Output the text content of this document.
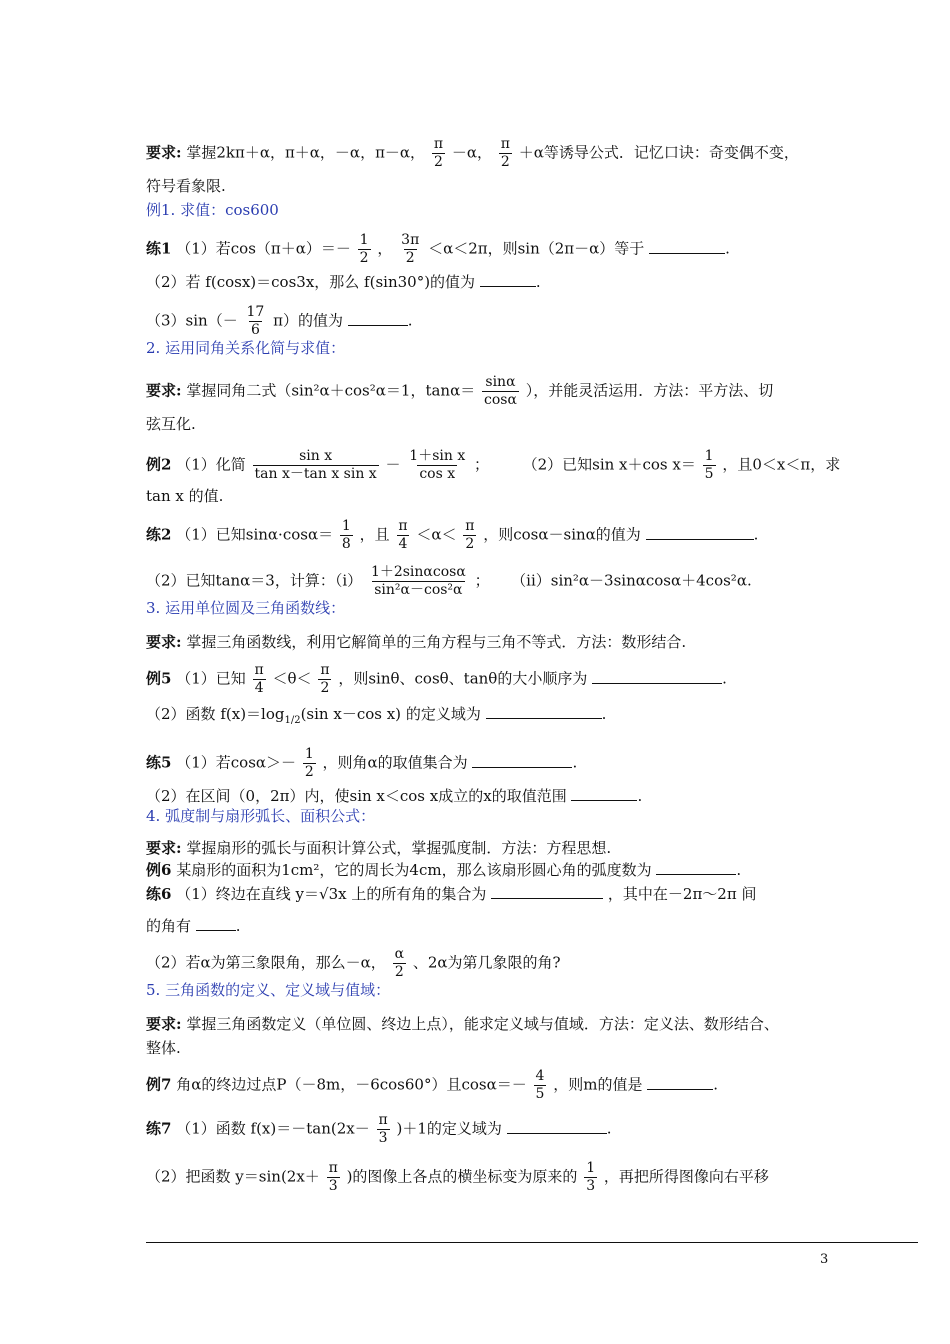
要求: 掌握2kπ＋α，π＋α，－α，π－α， $\frac{\pi}{2} -\alpha$， $\frac{\pi}{2} +\alpha$等诱导公式．记忆口诀：奇变偶不变，
符号看象限.
例1. 求值：cos600
练1 （1）若$\cos(\pi+\alpha)=- \frac{1}{2}$ ， $\frac{3\pi}{2} <\alpha<2\pi$，则sin（2π－α）等于	.
（2）若 f(cosx)＝cos3x，那么 f(sin30°)的值为	.
$(3)\sin(- \frac{17}{6} \pi)$的值为	.
2. 运用同角关系化简与求值：
要求: 掌握同角二式（sin²α＋cos²α＝1，$\tan\alpha= \frac{\sin\alpha}{\cos\alpha}$ ），并能灵活运用．方法：平方法、切
弦互化.
例2 （1）化简 $\frac{\text{sin x}}{\text{tan x－tan x sin x}} - \frac{\text{1＋sin x}}{\text{cos x}}$ ； （2）已知sin x＋cos $x= \frac{1}{5}$ ，且0＜x＜π，求
tan x 的值.
练2 （1）已知$\sin\alpha\cdot\cos\alpha= \frac{1}{8}$ ，且 $\frac{\pi}{4} <\alpha< \frac{\pi}{2}$ ，则cosα－sinα的值为	.
（2）已知tanα＝3，计算：$(i) \frac{1+2\sin\alpha\cos\alpha}{\text{sin²α－cos²α}}$ ； （ii）sin²α－3sinαcosα＋4cos²α.
3. 运用单位圆及三角函数线：
要求: 掌握三角函数线，利用它解简单的三角方程与三角不等式．方法：数形结合.
例5 （1）已知 $\frac{\pi}{4} <\theta< \frac{\pi}{2}$ ，则sinθ、cosθ、tanθ的大小顺序为	.
（2）函数 $f(x)=\log_{1/2}(\sin$ x－cos x) 的定义域为	.
练5 （1）若$\cos\alpha>- \frac{1}{2}$ ，则角α的取值集合为	.
（2）在区间（0，2π）内，使sin x＜cos x成立的x的取值范围	.
4. 弧度制与扇形弧长、面积公式：
要求: 掌握扇形的弧长与面积计算公式，掌握弧度制．方法：方程思想.
例6 某扇形的面积为1cm²，它的周长为4cm，那么该扇形圆心角的弧度数为	.
练6 （1）终边在直线 y＝√3x 上的所有角的集合为	，其中在－2π～2π 间
的角有	.
（2）若α为第三象限角，那么－α， $\frac{\alpha}{2}$ 、2α为第几象限的角?
5. 三角函数的定义、定义域与值域：
要求: 掌握三角函数定义（单位圆、终边上点），能求定义域与值域．方法：定义法、数形结合、
整体.
例7 角α的终边过点P（－8m，－6cos60°）且$\cos\alpha=- \frac{4}{5}$ ，则m的值是	.
练7 （1）函数 $f(x)=-\tan(2x- \frac{\pi}{3} )+1$的定义域为	.
（2）把函数 $y=\sin(2x+ \frac{\pi}{3}$ )的图像上各点的横坐标变为原来的 $\frac{1}{3}$ ，再把所得图像向右平移
3
